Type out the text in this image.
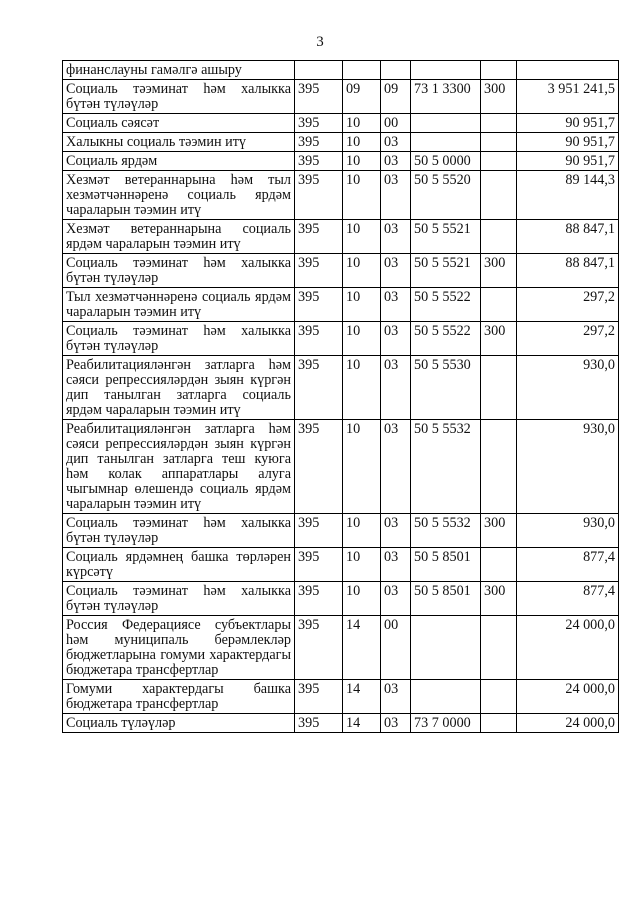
3
финанслауны гамәлгә ашыру						
Социаль тәэминат һәм халыкка бүтән түләүләр	395	09	09	73 1 3300	300	3 951 241,5
Социаль сәясәт	395	10	00			90 951,7
Халыкны социаль тәэмин итү	395	10	03			90 951,7
Социаль ярдәм	395	10	03	50 5 0000		90 951,7
Хезмәт ветераннарына һәм тыл хезмәтчәннәренә социаль ярдәм чараларын тәэмин итү	395	10	03	50 5 5520		89 144,3
Хезмәт ветераннарына социаль ярдәм чараларын тәэмин итү	395	10	03	50 5 5521		88 847,1
Социаль тәэминат һәм халыкка бүтән түләүләр	395	10	03	50 5 5521	300	88 847,1
Тыл хезмәтчәннәренә социаль ярдәм чараларын тәэмин итү	395	10	03	50 5 5522		297,2
Социаль тәэминат һәм халыкка бүтән түләүләр	395	10	03	50 5 5522	300	297,2
Реабилитацияләнгән затларга һәм сәяси репрессияләрдән зыян күргән дип танылган затларга социаль ярдәм чараларын тәэмин итү	395	10	03	50 5 5530		930,0
Реабилитацияләнгән затларга һәм сәяси репрессияләрдән зыян күргән дип танылган затларга теш куюга һәм колак аппаратлары алуга чыгымнар өлешендә социаль ярдәм чараларын тәэмин итү	395	10	03	50 5 5532		930,0
Социаль тәэминат һәм халыкка бүтән түләүләр	395	10	03	50 5 5532	300	930,0
Социаль ярдәмнең башка төрләрен күрсәтү	395	10	03	50 5 8501		877,4
Социаль тәэминат һәм халыкка бүтән түләүләр	395	10	03	50 5 8501	300	877,4
Россия Федерациясе субъектлары һәм муниципаль берәмлекләр бюджетларына гомуми характердагы бюджетара трансфертлар	395	14	00			24 000,0
Гомуми характердагы башка бюджетара трансфертлар	395	14	03			24 000,0
Социаль түләүләр	395	14	03	73 7 0000		24 000,0
